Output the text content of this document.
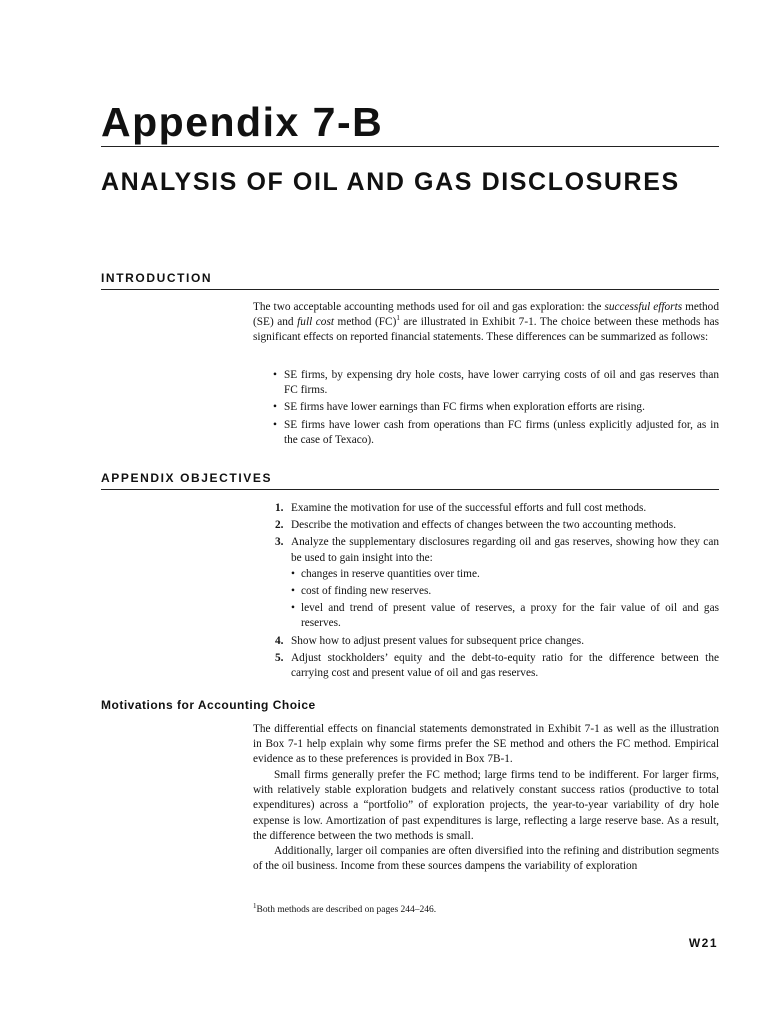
Appendix 7-B
ANALYSIS OF OIL AND GAS DISCLOSURES
INTRODUCTION

The two acceptable accounting methods used for oil and gas exploration: the successful efforts method (SE) and full cost method (FC)$^1$ are illustrated in Exhibit 7-1. The choice between these methods has significant effects on reported financial statements. These differences can be summarized as follows:

• SE firms, by expensing dry hole costs, have lower carrying costs of oil and gas reserves than FC firms.
• SE firms have lower earnings than FC firms when exploration efforts are rising.
• SE firms have lower cash from operations than FC firms (unless explicitly adjusted for, as in the case of Texaco).
APPENDIX OBJECTIVES
1. Examine the motivation for use of the successful efforts and full cost methods.
2. Describe the motivation and effects of changes between the two accounting methods.
3. Analyze the supplementary disclosures regarding oil and gas reserves, showing how they can be used to gain insight into the:
• changes in reserve quantities over time.
• cost of finding new reserves.
• level and trend of present value of reserves, a proxy for the fair value of oil and gas reserves.
4. Show how to adjust present values for subsequent price changes.
5. Adjust stockholders’ equity and the debt-to-equity ratio for the difference between the carrying cost and present value of oil and gas reserves.
Motivations for Accounting Choice

The differential effects on financial statements demonstrated in Exhibit 7-1 as well as the illustration in Box 7-1 help explain why some firms prefer the SE method and others the FC method. Empirical evidence as to these preferences is provided in Box 7B-1.

Small firms generally prefer the FC method; large firms tend to be indifferent. For larger firms, with relatively stable exploration budgets and relatively constant success ratios (productive to total expenditures) across a “portfolio” of exploration projects, the year-to-year variability of dry hole expense is low. Amortization of past expenditures is large, reflecting a large reserve base. As a result, the difference between the two methods is small.

Additionally, larger oil companies are often diversified into the refining and distribution segments of the oil business. Income from these sources dampens the variability of exploration

$^1$Both methods are described on pages 244–246.

W21
